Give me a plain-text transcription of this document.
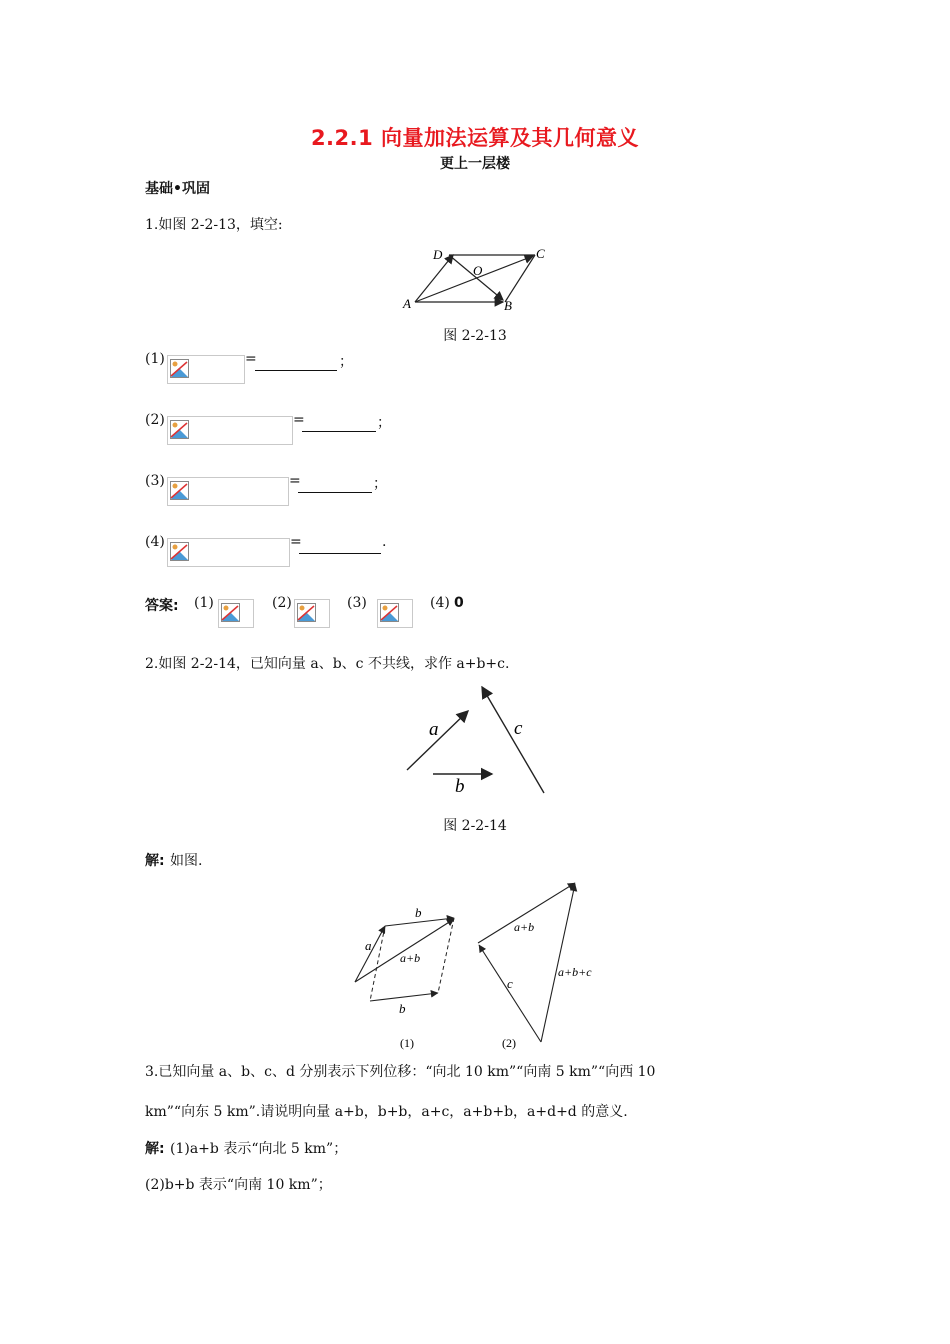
2.2.1 向量加法运算及其几何意义
更上一层楼
基础•巩固
1.如图 2-2-13，填空:
D	C
O
A	B
图 2-2-13
(1)	=	；
(2)	=	；
(3)	=	；
(4)	=	.
答案: (1)	(2)	(3)	(4) 0
2.如图 2-2-14，已知向量 a、b、c 不共线，求作 a+b+c.
a
b
c
图 2-2-14
解: 如图.
b
a
a+b
b
a+b
a+b+c
c
(1)	(2)
3.已知向量 a、b、c、d 分别表示下列位移：“向北 10 km”“向南 5 km”“向西 10
km”“向东 5 km”.请说明向量 a+b，b+b，a+c，a+b+b，a+d+d 的意义.
解: (1)a+b 表示“向北 5 km”；
(2)b+b 表示“向南 10 km”；
